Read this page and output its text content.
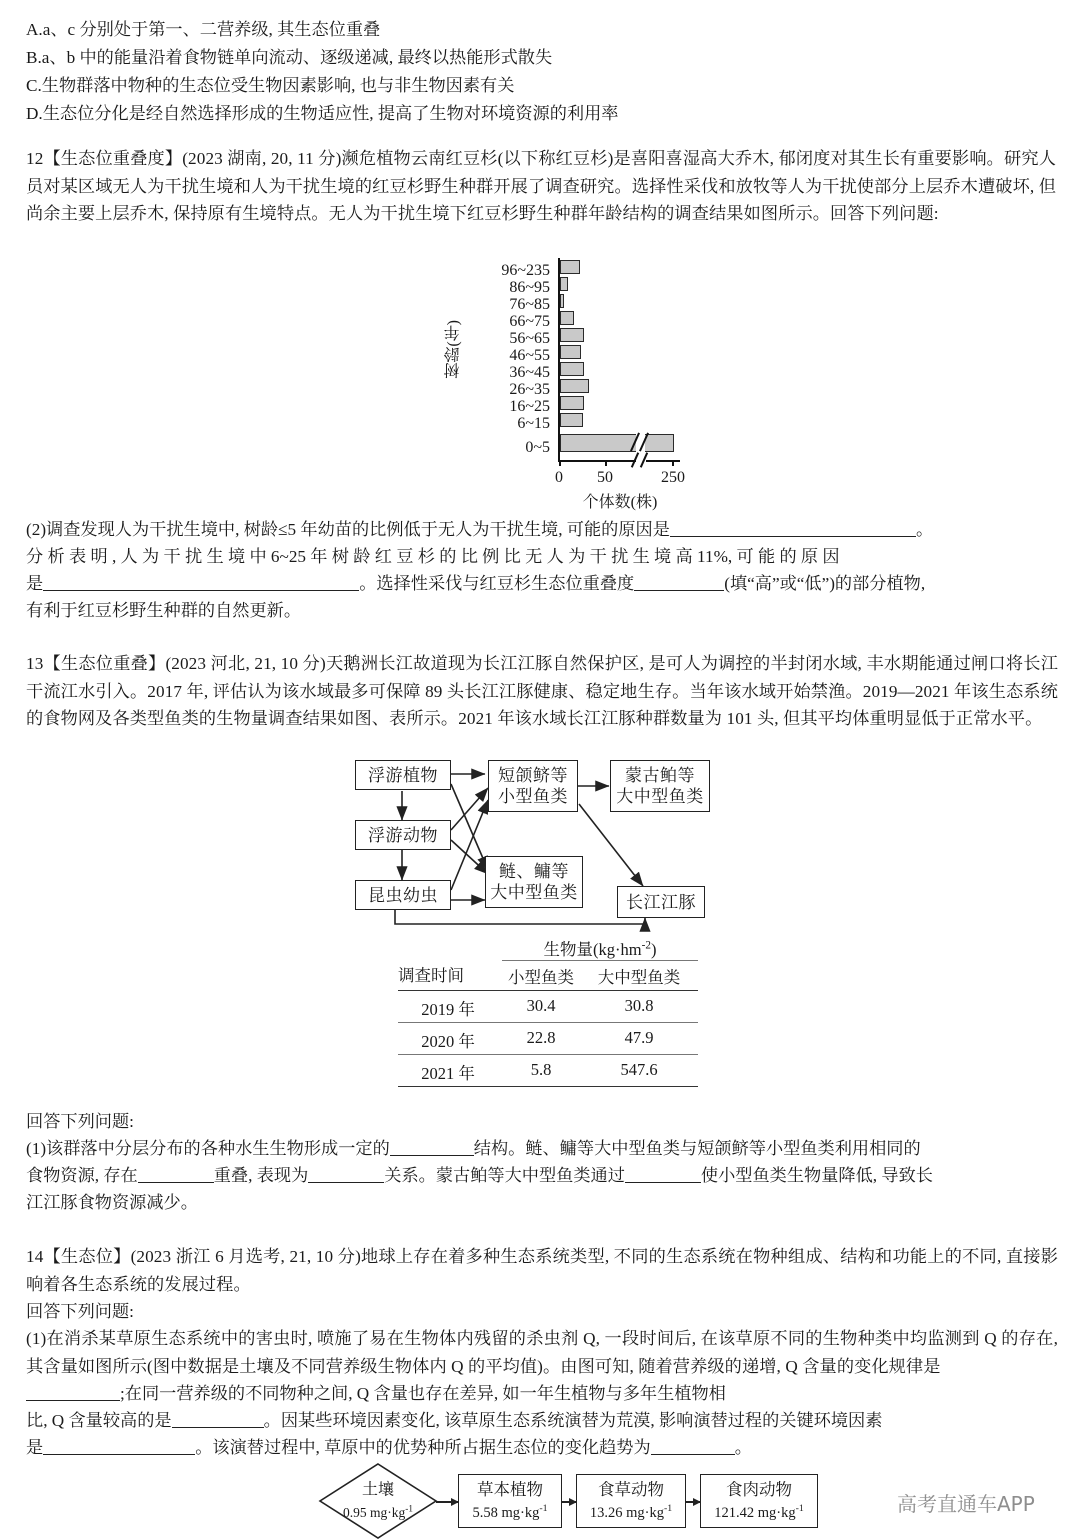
A.a、c 分别处于第一、二营养级, 其生态位重叠
B.a、b 中的能量沿着食物链单向流动、逐级递减, 最终以热能形式散失
C.生物群落中物种的生态位受生物因素影响, 也与非生物因素有关
D.生态位分化是经自然选择形成的生物适应性, 提高了生物对环境资源的利用率
12【生态位重叠度】(2023 湖南, 20, 11 分)濒危植物云南红豆杉(以下称红豆杉)是喜阳喜湿高大乔木, 郁闭度对其生长有重要影响。研究人员对某区域无人为干扰生境和人为干扰生境的红豆杉野生种群开展了调查研究。选择性采伐和放牧等人为干扰使部分上层乔木遭破坏, 但尚余主要上层乔木, 保持原有生境特点。无人为干扰生境下红豆杉野生种群年龄结构的调查结果如图所示。回答下列问题:
树龄(年)
96~235
86~95
76~85
66~75
56~65
46~55
36~45
26~35
16~25
6~15
0~5
0	50	250
个体数(株)
(2)调查发现人为干扰生境中, 树龄≤5 年幼苗的比例低于无人为干扰生境, 可能的原因是	。
分 析 表 明 , 人 为 干 扰 生 境 中 6~25 年 树 龄 红 豆 杉 的 比 例 比 无 人 为 干 扰 生 境 高 11%, 可 能 的 原 因
是	。选择性采伐与红豆杉生态位重叠度	(填“高”或“低”)的部分植物,
有利于红豆杉野生种群的自然更新。
13【生态位重叠】(2023 河北, 21, 10 分)天鹅洲长江故道现为长江江豚自然保护区, 是可人为调控的半封闭水域, 丰水期能通过闸口将长江干流江水引入。2017 年, 评估认为该水域最多可保障 89 头长江江豚健康、稳定地生存。当年该水域开始禁渔。2019—2021 年该生态系统的食物网及各类型鱼类的生物量调查结果如图、表所示。2021 年该水域长江江豚种群数量为 101 头, 但其平均体重明显低于正常水平。
浮游植物
浮游动物
昆虫幼虫
短颌鲚等
小型鱼类
鲢、鳙等
大中型鱼类
蒙古鲌等
大中型鱼类
长江江豚
调查时间
生物量$(kg\cdot hm^{-2})$
小型鱼类	大中型鱼类
2019 年	30.4	30.8
2020 年	22.8	47.9
2021 年	5.8	547.6
回答下列问题:
(1)该群落中分层分布的各种水生生物形成一定的	结构。鲢、鳙等大中型鱼类与短颌鲚等小型鱼类利用相同的
食物资源, 存在	重叠, 表现为	关系。蒙古鲌等大中型鱼类通过	使小型鱼类生物量降低, 导致长
江江豚食物资源减少。
14【生态位】(2023 浙江 6 月选考, 21, 10 分)地球上存在着多种生态系统类型, 不同的生态系统在物种组成、结构和功能上的不同, 直接影响着各生态系统的发展过程。
回答下列问题:
(1)在消杀某草原生态系统中的害虫时, 喷施了易在生物体内残留的杀虫剂 Q, 一段时间后, 在该草原不同的生物种类中均监测到 Q 的存在, 其含量如图所示(图中数据是土壤及不同营养级生物体内 Q 的平均值)。由图可知, 随着营养级的递增, Q 含量的变化规律是
;在同一营养级的不同物种之间, Q 含量也存在差异, 如一年生植物与多年生植物相
比, Q 含量较高的是	。因某些环境因素变化, 该草原生态系统演替为荒漠, 影响演替过程的关键环境因素
是	。该演替过程中, 草原中的优势种所占据生态位的变化趋势为	。
土壤
0.95 $mg\cdot kg^{-1}$
草本植物
5.58 $mg\cdot kg^{-1}$
食草动物
13.26 $mg\cdot kg^{-1}$
食肉动物
121.42 $mg\cdot kg^{-1}$	高考直通车APP
